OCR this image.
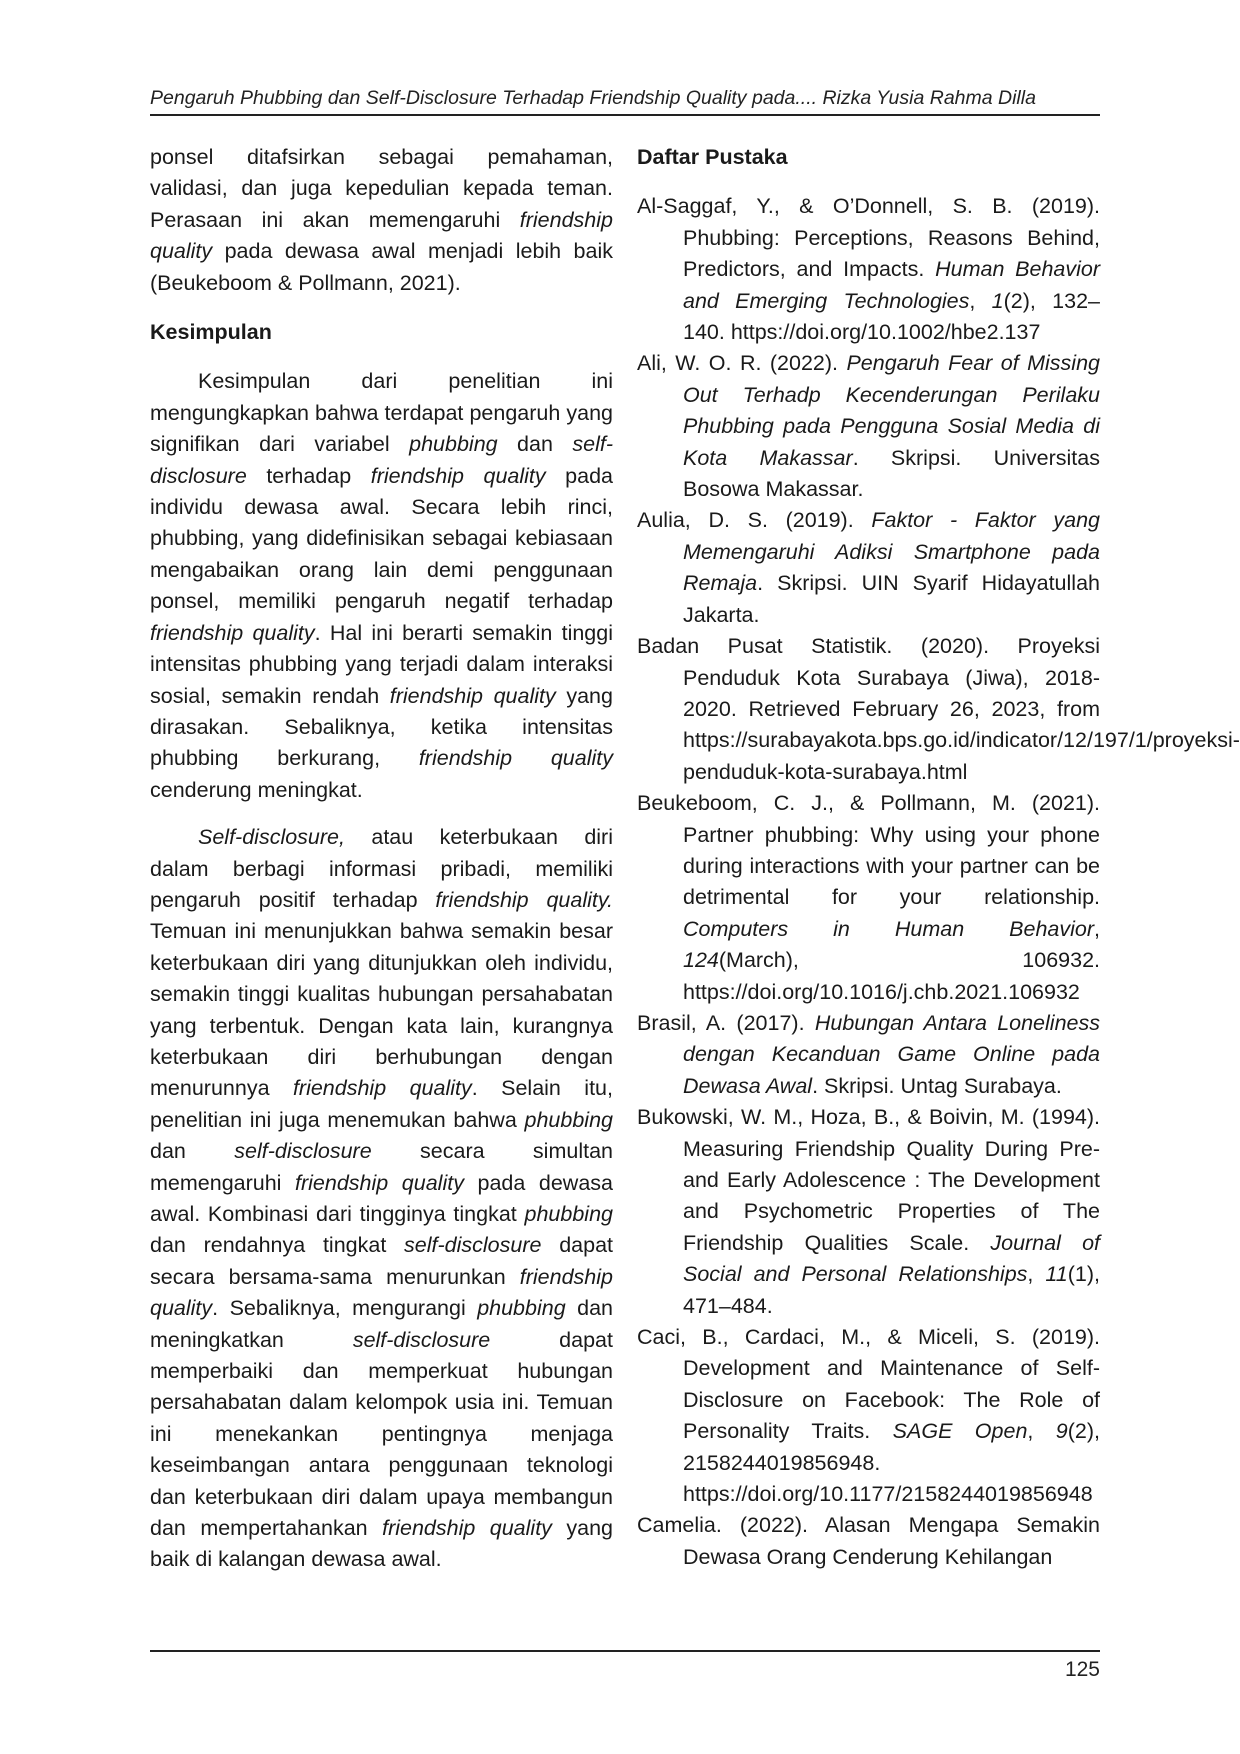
Pengaruh Phubbing dan Self-Disclosure Terhadap Friendship Quality pada.... Rizka Yusia Rahma Dilla

ponsel ditafsirkan sebagai pemahaman, validasi, dan juga kepedulian kepada teman. Perasaan ini akan memengaruhi friendship quality pada dewasa awal menjadi lebih baik (Beukeboom & Pollmann, 2021).

Kesimpulan

Kesimpulan dari penelitian ini mengungkapkan bahwa terdapat pengaruh yang signifikan dari variabel phubbing dan self-disclosure terhadap friendship quality pada individu dewasa awal. Secara lebih rinci, phubbing, yang didefinisikan sebagai kebiasaan mengabaikan orang lain demi penggunaan ponsel, memiliki pengaruh negatif terhadap friendship quality. Hal ini berarti semakin tinggi intensitas phubbing yang terjadi dalam interaksi sosial, semakin rendah friendship quality yang dirasakan. Sebaliknya, ketika intensitas phubbing berkurang, friendship quality cenderung meningkat.

Self-disclosure, atau keterbukaan diri dalam berbagi informasi pribadi, memiliki pengaruh positif terhadap friendship quality. Temuan ini menunjukkan bahwa semakin besar keterbukaan diri yang ditunjukkan oleh individu, semakin tinggi kualitas hubungan persahabatan yang terbentuk. Dengan kata lain, kurangnya keterbukaan diri berhubungan dengan menurunnya friendship quality. Selain itu, penelitian ini juga menemukan bahwa phubbing dan self-disclosure secara simultan memengaruhi friendship quality pada dewasa awal. Kombinasi dari tingginya tingkat phubbing dan rendahnya tingkat self-disclosure dapat secara bersama-sama menurunkan friendship quality. Sebaliknya, mengurangi phubbing dan meningkatkan self-disclosure dapat memperbaiki dan memperkuat hubungan persahabatan dalam kelompok usia ini. Temuan ini menekankan pentingnya menjaga keseimbangan antara penggunaan teknologi dan keterbukaan diri dalam upaya membangun dan mempertahankan friendship quality yang baik di kalangan dewasa awal.

Daftar Pustaka

Al-Saggaf, Y., & O’Donnell, S. B. (2019). Phubbing: Perceptions, Reasons Behind, Predictors, and Impacts. Human Behavior and Emerging Technologies, 1(2), 132–140. https://doi.org/10.1002/hbe2.137

Ali, W. O. R. (2022). Pengaruh Fear of Missing Out Terhadp Kecenderungan Perilaku Phubbing pada Pengguna Sosial Media di Kota Makassar. Skripsi. Universitas Bosowa Makassar.

Aulia, D. S. (2019). Faktor - Faktor yang Memengaruhi Adiksi Smartphone pada Remaja. Skripsi. UIN Syarif Hidayatullah Jakarta.

Badan Pusat Statistik. (2020). Proyeksi Penduduk Kota Surabaya (Jiwa), 2018-2020. Retrieved February 26, 2023, from https://surabayakota.bps.go.id/indicator/12/197/1/proyeksi-penduduk-kota-surabaya.html

Beukeboom, C. J., & Pollmann, M. (2021). Partner phubbing: Why using your phone during interactions with your partner can be detrimental for your relationship. Computers in Human Behavior, 124(March), 106932. https://doi.org/10.1016/j.chb.2021.106932

Brasil, A. (2017). Hubungan Antara Loneliness dengan Kecanduan Game Online pada Dewasa Awal. Skripsi. Untag Surabaya.

Bukowski, W. M., Hoza, B., & Boivin, M. (1994). Measuring Friendship Quality During Pre- and Early Adolescence : The Development and Psychometric Properties of The Friendship Qualities Scale. Journal of Social and Personal Relationships, 11(1), 471–484.

Caci, B., Cardaci, M., & Miceli, S. (2019). Development and Maintenance of Self-Disclosure on Facebook: The Role of Personality Traits. SAGE Open, 9(2), 2158244019856948. https://doi.org/10.1177/2158244019856948

Camelia. (2022). Alasan Mengapa Semakin Dewasa Orang Cenderung Kehilangan

125
